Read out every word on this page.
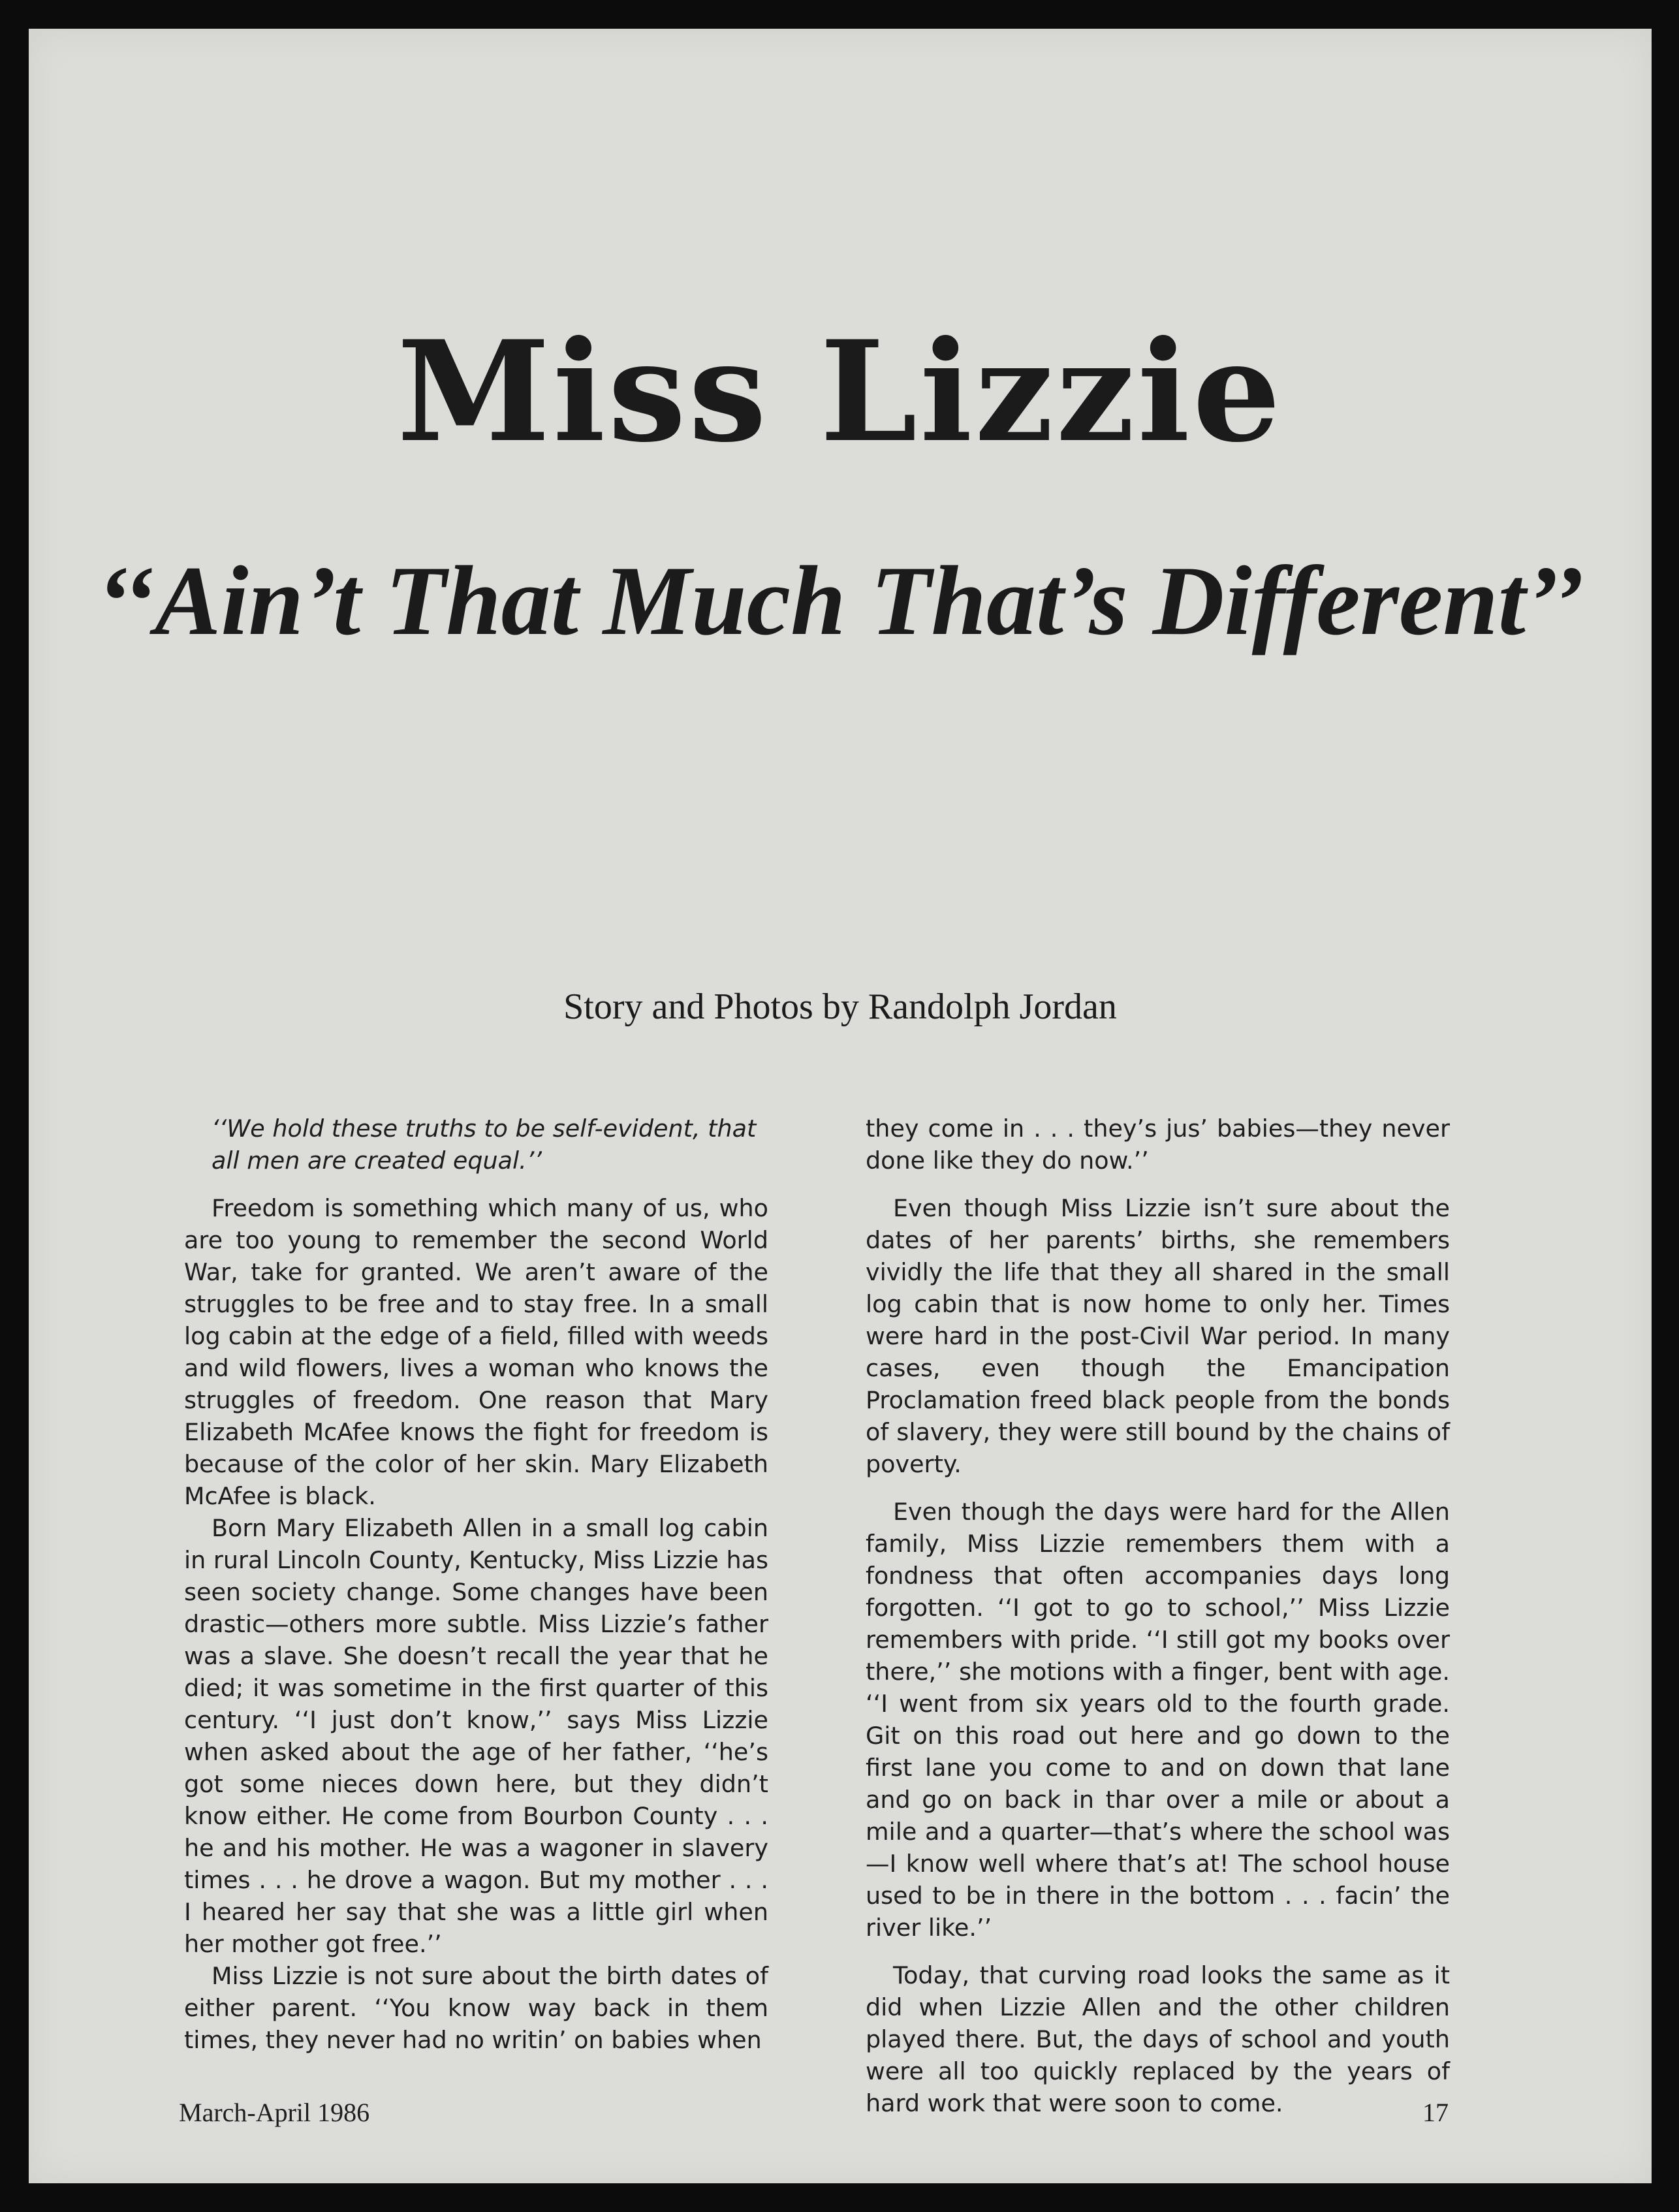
Miss Lizzie
‘‘Ain’t That Much That’s Different’’

Story and Photos by Randolph Jordan

‘‘We hold these truths to be self-evident, that all men are created equal.’’

Freedom is something which many of us, who are too young to remember the second World War, take for granted. We aren’t aware of the struggles to be free and to stay free. In a small log cabin at the edge of a field, filled with weeds and wild flowers, lives a woman who knows the struggles of freedom. One reason that Mary Elizabeth McAfee knows the fight for freedom is because of the color of her skin. Mary Elizabeth McAfee is black.

Born Mary Elizabeth Allen in a small log cabin in rural Lincoln County, Kentucky, Miss Lizzie has seen society change. Some changes have been drastic—others more subtle. Miss Lizzie’s father was a slave. She doesn’t recall the year that he died; it was sometime in the first quarter of this century. ‘‘I just don’t know,’’ says Miss Lizzie when asked about the age of her father, ‘‘he’s got some nieces down here, but they didn’t know either. He come from Bourbon County . . . he and his mother. He was a wagoner in slavery times . . . he drove a wagon. But my mother . . . I heared her say that she was a little girl when her mother got free.’’

Miss Lizzie is not sure about the birth dates of either parent. ‘‘You know way back in them times, they never had no writin’ on babies when

they come in . . . they’s jus’ babies—they never done like they do now.’’

Even though Miss Lizzie isn’t sure about the dates of her parents’ births, she remembers vividly the life that they all shared in the small log cabin that is now home to only her. Times were hard in the post-Civil War period. In many cases, even though the Emancipation Proclamation freed black people from the bonds of slavery, they were still bound by the chains of poverty.

Even though the days were hard for the Allen family, Miss Lizzie remembers them with a fondness that often accompanies days long forgotten. ‘‘I got to go to school,’’ Miss Lizzie remembers with pride. ‘‘I still got my books over there,’’ she motions with a finger, bent with age. ‘‘I went from six years old to the fourth grade. Git on this road out here and go down to the first lane you come to and on down that lane and go on back in thar over a mile or about a mile and a quarter—that’s where the school was—I know well where that’s at! The school house used to be in there in the bottom . . . facin’ the river like.’’

Today, that curving road looks the same as it did when Lizzie Allen and the other children played there. But, the days of school and youth were all too quickly replaced by the years of hard work that were soon to come.

March-April 1986	17
